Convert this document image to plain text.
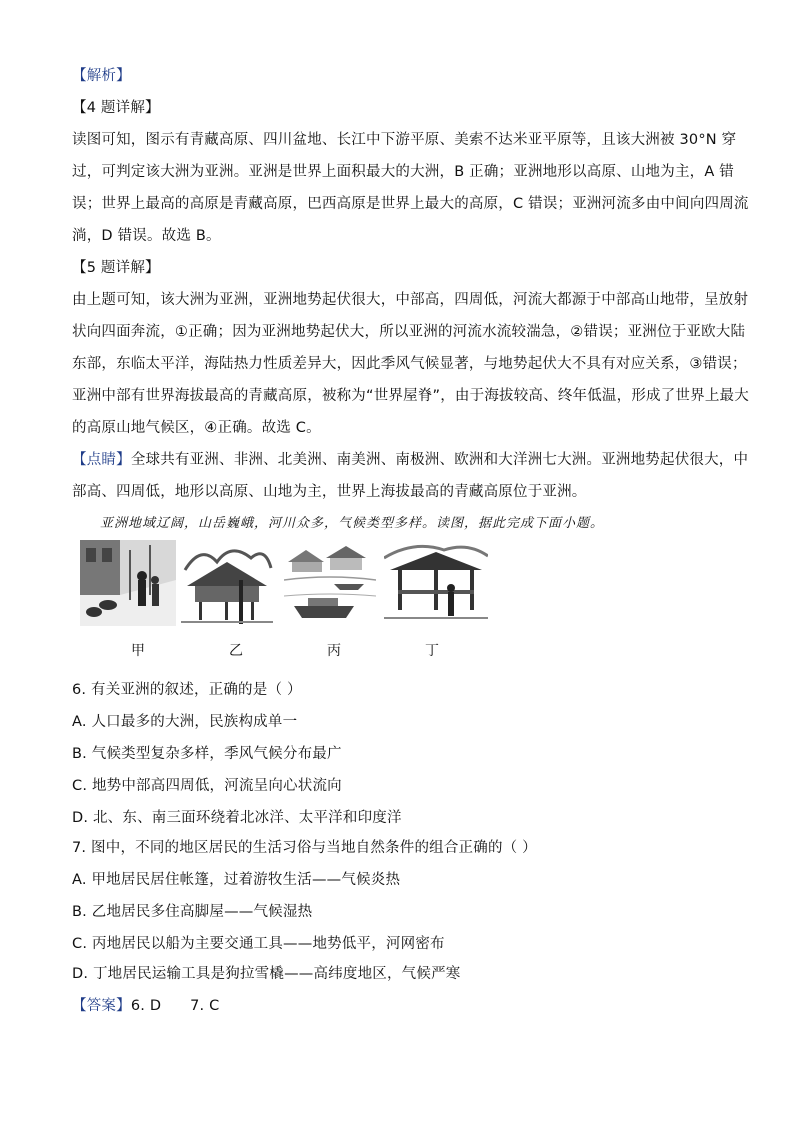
【解析】
【4 题详解】
读图可知，图示有青藏高原、四川盆地、长江中下游平原、美索不达米亚平原等，且该大洲被 30°N 穿
过，可判定该大洲为亚洲。亚洲是世界上面积最大的大洲，B 正确；亚洲地形以高原、山地为主，A 错
误；世界上最高的高原是青藏高原，巴西高原是世界上最大的高原，C 错误；亚洲河流多由中间向四周流
淌，D 错误。故选 B。
【5 题详解】
由上题可知，该大洲为亚洲，亚洲地势起伏很大，中部高，四周低，河流大都源于中部高山地带，呈放射
状向四面奔流，①正确；因为亚洲地势起伏大，所以亚洲的河流水流较湍急，②错误；亚洲位于亚欧大陆
东部，东临太平洋，海陆热力性质差异大，因此季风气候显著，与地势起伏大不具有对应关系，③错误；
亚洲中部有世界海拔最高的青藏高原，被称为“世界屋脊”，由于海拔较高、终年低温，形成了世界上最大
的高原山地气候区，④正确。故选 C。
【点睛】全球共有亚洲、非洲、北美洲、南美洲、南极洲、欧洲和大洋洲七大洲。亚洲地势起伏很大，中
部高、四周低，地形以高原、山地为主，世界上海拔最高的青藏高原位于亚洲。
亚洲地域辽阔，山岳巍峨，河川众多，气候类型多样。读图，据此完成下面小题。
甲	乙	丙	丁
6. 有关亚洲的叙述，正确的是（ ）
A. 人口最多的大洲，民族构成单一
B. 气候类型复杂多样，季风气候分布最广
C. 地势中部高四周低，河流呈向心状流向
D. 北、东、南三面环绕着北冰洋、太平洋和印度洋
7. 图中，不同的地区居民的生活习俗与当地自然条件的组合正确的（ ）
A. 甲地居民居住帐篷，过着游牧生活——气候炎热
B. 乙地居民多住高脚屋——气候湿热
C. 丙地居民以船为主要交通工具——地势低平，河网密布
D. 丁地居民运输工具是狗拉雪橇——高纬度地区，气候严寒
【答案】6. D      7. C
